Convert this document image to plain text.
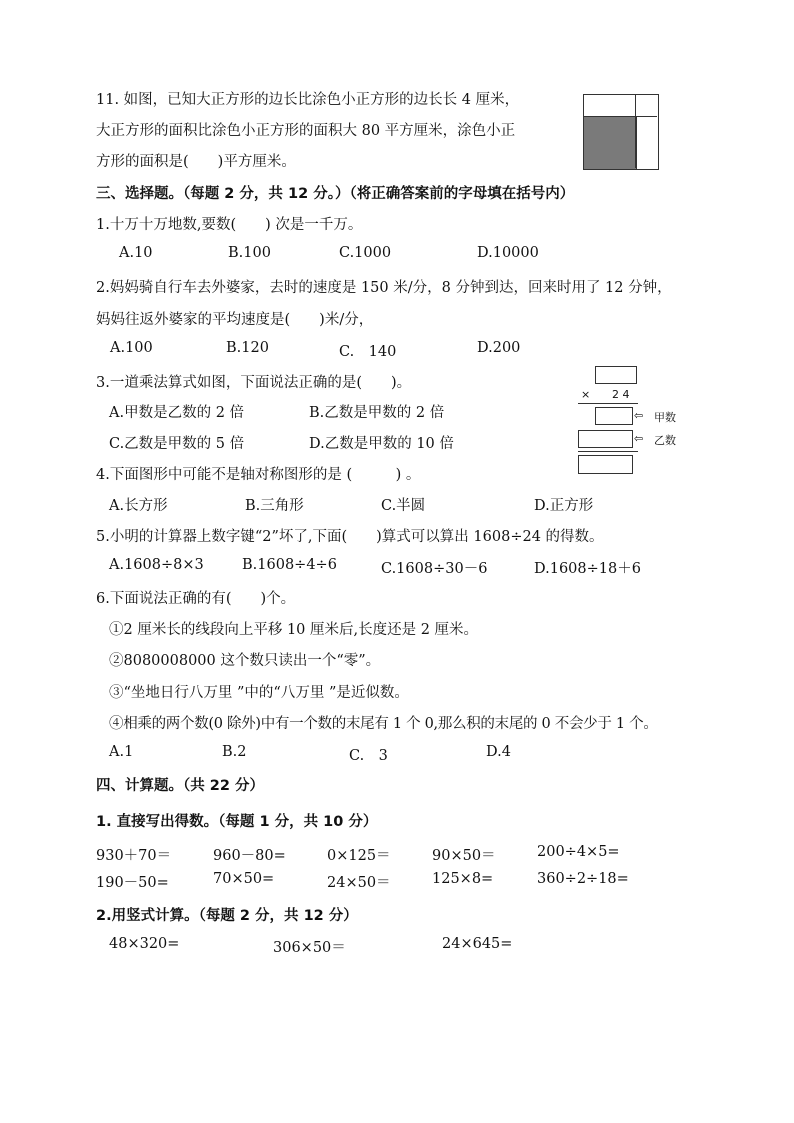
11. 如图，已知大正方形的边长比涂色小正方形的边长长 4 厘米，
大正方形的面积比涂色小正方形的面积大 80 平方厘米，涂色小正
方形的面积是(　　)平方厘米。
三、选择题。（每题 2 分，共 12 分。）（将正确答案前的字母填在括号内）
1.十万十万地数,要数(　　) 次是一千万。
A.10	B.100	C.1000	D.10000
2.妈妈骑自行车去外婆家，去时的速度是 150 米/分，8 分钟到达，回来时用了 12 分钟，
妈妈往返外婆家的平均速度是(　　)米/分，
A.100	B.120	C.　140	D.200
3.一道乘法算式如图，下面说法正确的是(　　)。
A.甲数是乙数的 2 倍	B.乙数是甲数的 2 倍
C.乙数是甲数的 5 倍	D.乙数是甲数的 10 倍
× 2 4
⇦ 甲数
⇦ 乙数
4.下面图形中可能不是轴对称图形的是 (　　　) 。
A.长方形	B.三角形	C.半圆	D.正方形
5.小明的计算器上数字键“2”坏了,下面(　　)算式可以算出 1608÷24 的得数。
A.1608÷8×3	B.1608÷4÷6	C.1608÷30－6	D.1608÷18＋6
6.下面说法正确的有(　　)个。
①2 厘米长的线段向上平移 10 厘米后,长度还是 2 厘米。
②8080008000 这个数只读出一个“零”。
③“坐地日行八万里 ”中的“八万里 ”是近似数。
④相乘的两个数(0 除外)中有一个数的末尾有 1 个 0,那么积的末尾的 0 不会少于 1 个。
A.1	B.2	C.　3	D.4
四、计算题。（共 22 分）
1. 直接写出得数。（每题 1 分，共 10 分）
930＋70＝	960－80=	0×125＝	90×50＝	200÷4×5=
190－50=	70×50=	24×50＝	125×8=	360÷2÷18=
2.用竖式计算。（每题 2 分，共 12 分）
48×320=	306×50＝	24×645=
